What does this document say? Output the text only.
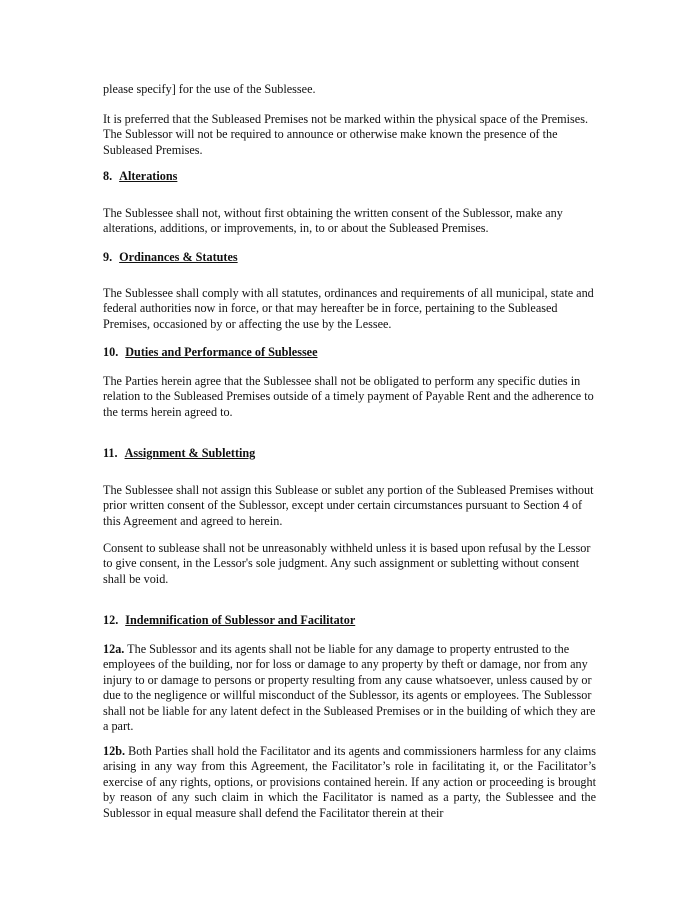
please specify] for the use of the Sublessee.

It is preferred that the Subleased Premises not be marked within the physical space of the Premises. The Sublessor will not be required to announce or otherwise make known the presence of the Subleased Premises.

8. Alterations

The Sublessee shall not, without first obtaining the written consent of the Sublessor, make any alterations, additions, or improvements, in, to or about the Subleased Premises.

9. Ordinances & Statutes

The Sublessee shall comply with all statutes, ordinances and requirements of all municipal, state and federal authorities now in force, or that may hereafter be in force, pertaining to the Subleased Premises, occasioned by or affecting the use by the Lessee.

10. Duties and Performance of Sublessee

The Parties herein agree that the Sublessee shall not be obligated to perform any specific duties in relation to the Subleased Premises outside of a timely payment of Payable Rent and the adherence to the terms herein agreed to.

11. Assignment & Subletting

The Sublessee shall not assign this Sublease or sublet any portion of the Subleased Premises without prior written consent of the Sublessor, except under certain circumstances pursuant to Section 4 of this Agreement and agreed to herein.

Consent to sublease shall not be unreasonably withheld unless it is based upon refusal by the Lessor to give consent, in the Lessor's sole judgment. Any such assignment or subletting without consent shall be void.

12. Indemnification of Sublessor and Facilitator

12a. The Sublessor and its agents shall not be liable for any damage to property entrusted to the employees of the building, nor for loss or damage to any property by theft or damage, nor from any injury to or damage to persons or property resulting from any cause whatsoever, unless caused by or due to the negligence or willful misconduct of the Sublessor, its agents or employees. The Sublessor shall not be liable for any latent defect in the Subleased Premises or in the building of which they are a part.

12b. Both Parties shall hold the Facilitator and its agents and commissioners harmless for any claims arising in any way from this Agreement, the Facilitator’s role in facilitating it, or the Facilitator’s exercise of any rights, options, or provisions contained herein. If any action or proceeding is brought by reason of any such claim in which the Facilitator is named as a party, the Sublessee and the Sublessor in equal measure shall defend the Facilitator therein at their
